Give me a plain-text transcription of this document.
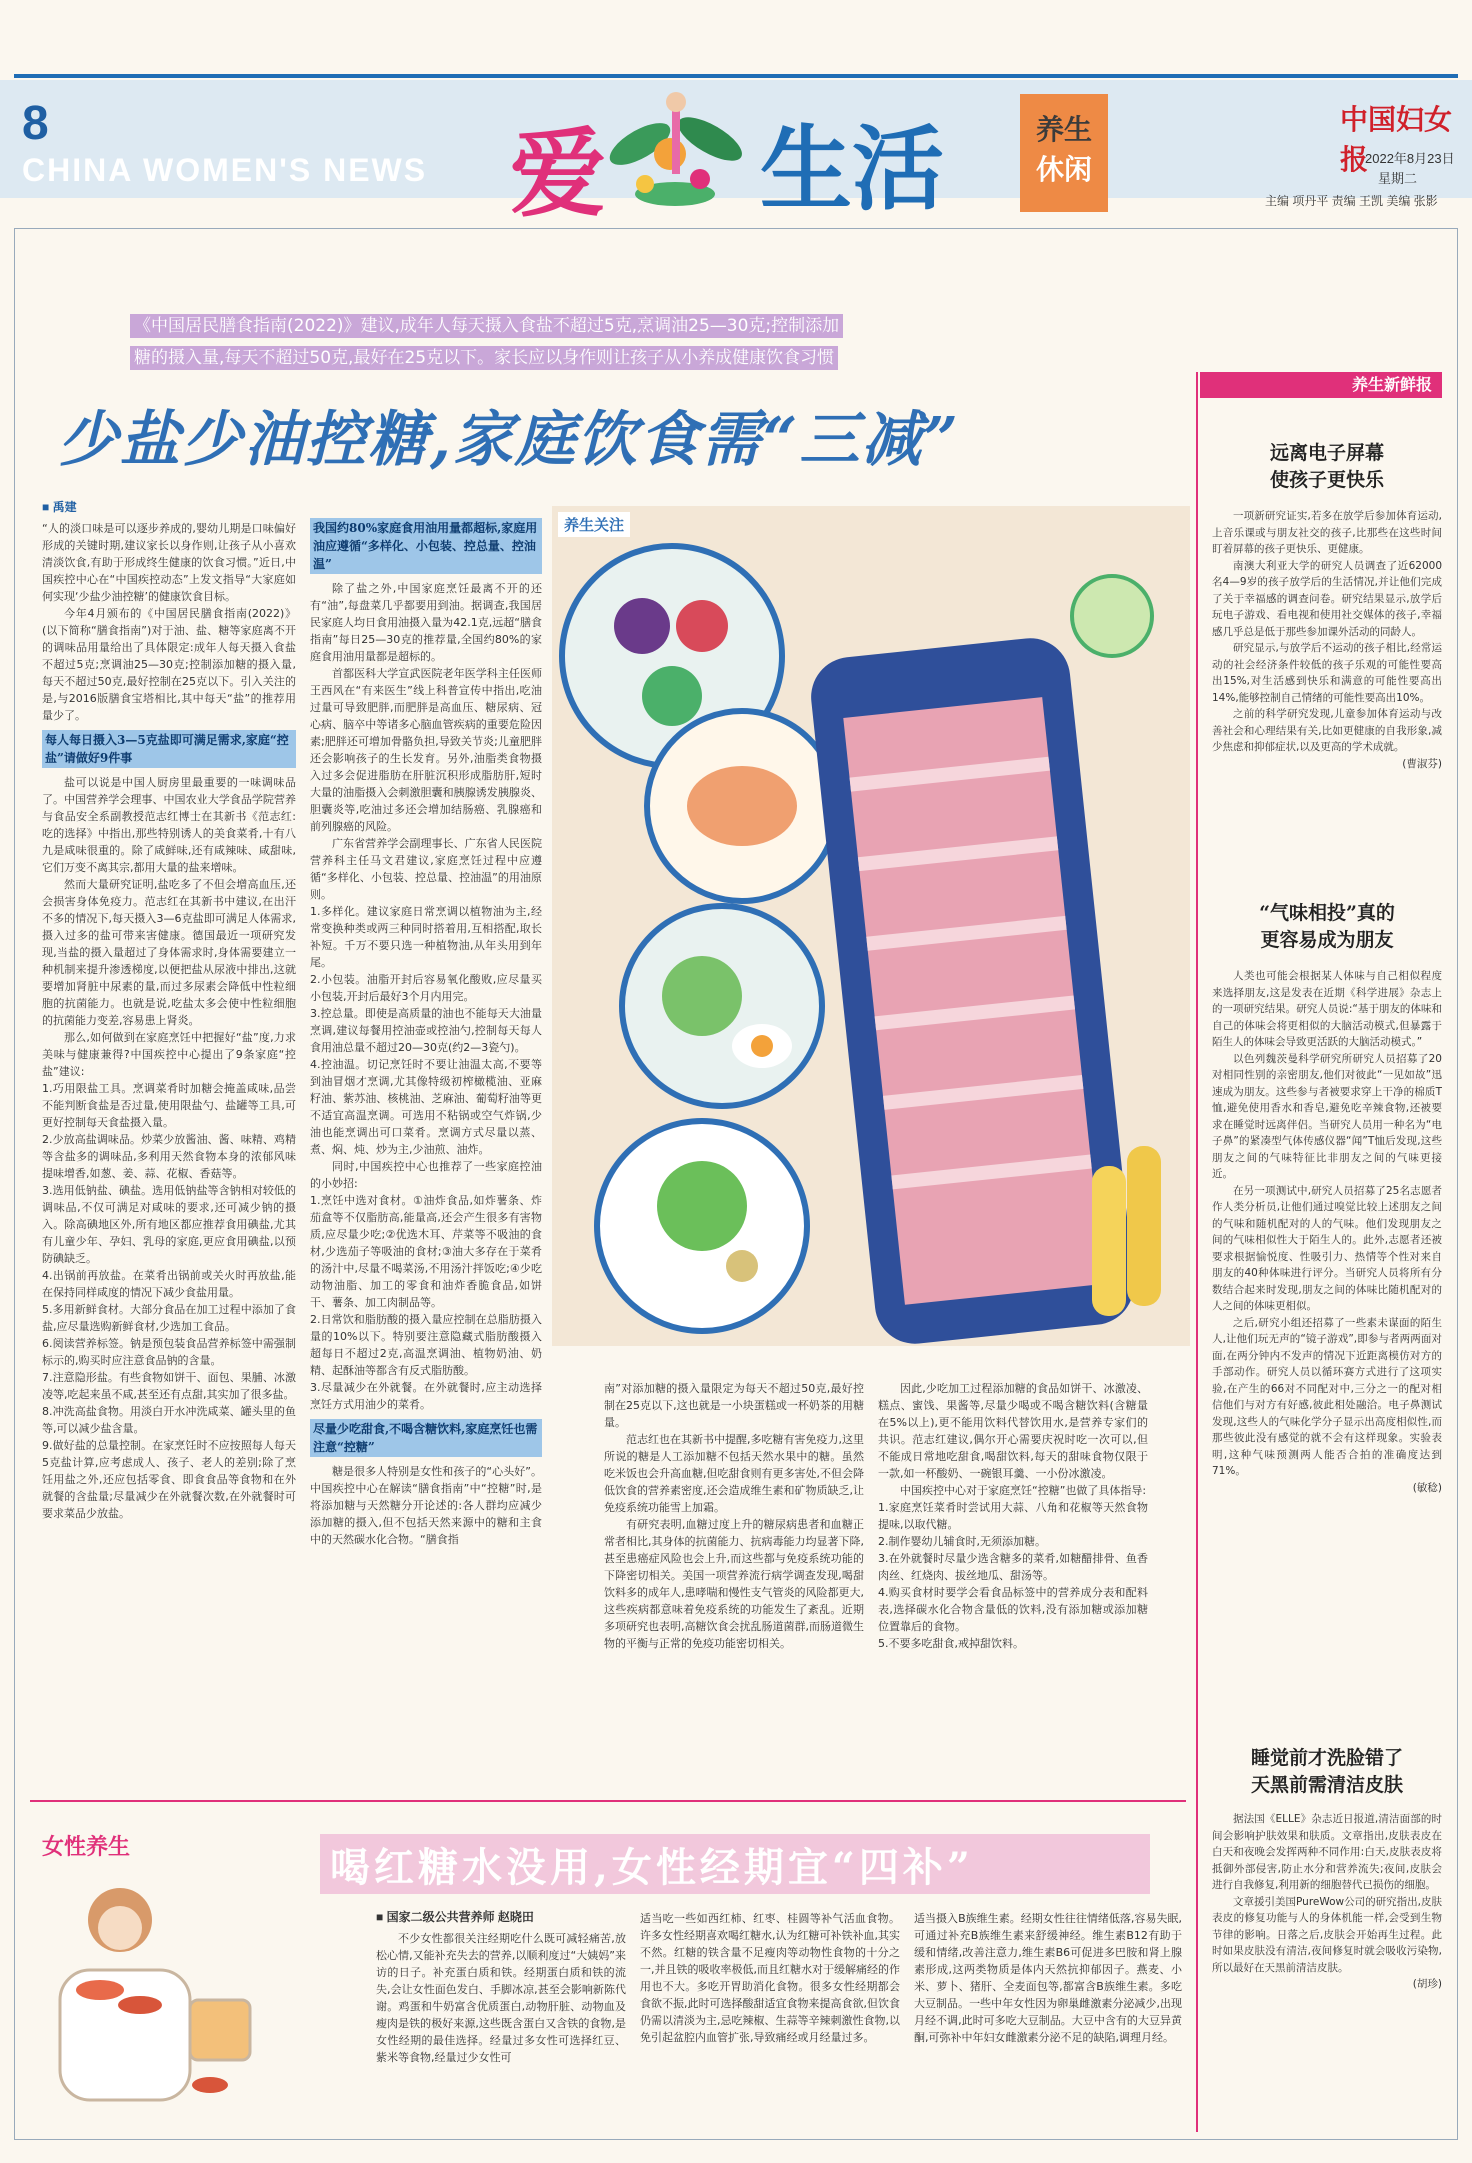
8
CHINA WOMEN'S NEWS 爱 生活	养生
休闲
中国妇女报
2022年8月23日
星期二
主编 项丹平 责编 王凯 美编 张影
《中国居民膳食指南(2022)》建议,成年人每天摄入食盐不超过5克,烹调油25—30克;控制添加
糖的摄入量,每天不超过50克,最好在25克以下。家长应以身作则让孩子从小养成健康饮食习惯
少盐少油控糖,家庭饮食需“三减”
■ 禹建

“人的淡口味是可以逐步养成的,婴幼儿期是口味偏好形成的关键时期,建议家长以身作则,让孩子从小喜欢清淡饮食,有助于形成终生健康的饮食习惯。”近日,中国疾控中心在“中国疾控动态”上发文指导“大家庭如何实现‘少盐少油控糖’的健康饮食目标。

今年4月颁布的《中国居民膳食指南(2022)》(以下简称“膳食指南”)对于油、盐、糖等家庭离不开的调味品用量给出了具体限定:成年人每天摄入食盐不超过5克;烹调油25—30克;控制添加糖的摄入量,每天不超过50克,最好控制在25克以下。引入关注的是,与2016版膳食宝塔相比,其中每天“盐”的推荐用量少了。

每人每日摄入3—5克盐即可满足需求,家庭“控盐”请做好9件事

盐可以说是中国人厨房里最重要的一味调味品了。中国营养学会理事、中国农业大学食品学院营养与食品安全系副教授范志红博士在其新书《范志红:吃的选择》中指出,那些特别诱人的美食菜肴,十有八九是咸味很重的。除了咸鲜味,还有咸辣味、咸甜味,它们万变不离其宗,都用大量的盐来增味。

然而大量研究证明,盐吃多了不但会增高血压,还会损害身体免疫力。范志红在其新书中建议,在出汗不多的情况下,每天摄入3—6克盐即可满足人体需求,摄入过多的盐可带来害健康。德国最近一项研究发现,当盐的摄入量超过了身体需求时,身体需要建立一种机制来提升渗透梯度,以便把盐从尿液中排出,这就要增加肾脏中尿素的量,而过多尿素会降低中性粒细胞的抗菌能力。也就是说,吃盐太多会使中性粒细胞的抗菌能力变差,容易患上肾炎。

那么,如何做到在家庭烹饪中把握好“盐”度,力求美味与健康兼得?中国疾控中心提出了9条家庭“控盐”建议:

1.巧用限盐工具。烹调菜肴时加糖会掩盖咸味,品尝不能判断食盐是否过量,使用限盐勺、盐罐等工具,可更好控制每天食盐摄入量。

2.少放高盐调味品。炒菜少放酱油、酱、味精、鸡精等含盐多的调味品,多利用天然食物本身的浓郁风味提味增香,如葱、姜、蒜、花椒、香菇等。

3.选用低钠盐、碘盐。选用低钠盐等含钠相对较低的调味品,不仅可满足对咸味的要求,还可减少钠的摄入。除高碘地区外,所有地区都应推荐食用碘盐,尤其有儿童少年、孕妇、乳母的家庭,更应食用碘盐,以预防碘缺乏。

4.出锅前再放盐。在菜肴出锅前或关火时再放盐,能在保持同样咸度的情况下减少食盐用量。

5.多用新鲜食材。大部分食品在加工过程中添加了食盐,应尽量选购新鲜食材,少选加工食品。

6.阅读营养标签。钠是预包装食品营养标签中需强制标示的,购买时应注意食品钠的含量。

7.注意隐形盐。有些食物如饼干、面包、果脯、冰激凌等,吃起来虽不咸,甚至还有点甜,其实加了很多盐。

8.冲洗高盐食物。用淡白开水冲洗咸菜、罐头里的鱼等,可以减少盐含量。

9.做好盐的总量控制。在家烹饪时不应按照每人每天5克盐计算,应考虑成人、孩子、老人的差别;除了烹饪用盐之外,还应包括零食、即食食品等食物和在外就餐的含盐量;尽量减少在外就餐次数,在外就餐时可要求菜品少放盐。

我国约80%家庭食用油用量都超标,家庭用油应遵循“多样化、小包装、控总量、控油温”

除了盐之外,中国家庭烹饪最离不开的还有“油”,每盘菜几乎都要用到油。据调查,我国居民家庭人均日食用油摄入量为42.1克,远超“膳食指南”每日25—30克的推荐量,全国约80%的家庭食用油用量都是超标的。

首都医科大学宣武医院老年医学科主任医师王西风在“有来医生”线上科普宣传中指出,吃油过量可导致肥胖,而肥胖是高血压、糖尿病、冠心病、脑卒中等诸多心脑血管疾病的重要危险因素;肥胖还可增加骨骼负担,导致关节炎;儿童肥胖还会影响孩子的生长发育。另外,油脂类食物摄入过多会促进脂肪在肝脏沉积形成脂肪肝,短时大量的油脂摄入会刺激胆囊和胰腺诱发胰腺炎、胆囊炎等,吃油过多还会增加结肠癌、乳腺癌和前列腺癌的风险。

广东省营养学会副理事长、广东省人民医院营养科主任马文君建议,家庭烹饪过程中应遵循“多样化、小包装、控总量、控油温”的用油原则。

1.多样化。建议家庭日常烹调以植物油为主,经常变换种类或两三种同时搭着用,互相搭配,取长补短。千万不要只选一种植物油,从年头用到年尾。

2.小包装。油脂开封后容易氧化酸败,应尽量买小包装,开封后最好3个月内用完。

3.控总量。即使是高质量的油也不能每天大油量烹调,建议每餐用控油壶或控油勺,控制每天每人食用油总量不超过20—30克(约2—3瓷勺)。

4.控油温。切记烹饪时不要让油温太高,不要等到油冒烟才烹调,尤其像特级初榨橄榄油、亚麻籽油、紫苏油、核桃油、芝麻油、葡萄籽油等更不适宜高温烹调。可选用不粘锅或空气炸锅,少油也能烹调出可口菜肴。烹调方式尽量以蒸、煮、焖、炖、炒为主,少油煎、油炸。

同时,中国疾控中心也推荐了一些家庭控油的小妙招:

1.烹饪中选对食材。①油炸食品,如炸薯条、炸茄盒等不仅脂肪高,能量高,还会产生很多有害物质,应尽量少吃;②优选木耳、芹菜等不吸油的食材,少选茄子等吸油的食材;③油大多存在于菜肴的汤汁中,尽量不喝菜汤,不用汤汁拌饭吃;④少吃动物油脂、加工的零食和油炸香脆食品,如饼干、薯条、加工肉制品等。

2.日常饮和脂肪酸的摄入量应控制在总脂肪摄入量的10%以下。特别要注意隐藏式脂肪酸摄入超每日不超过2克,高温烹调油、植物奶油、奶精、起酥油等都含有反式脂肪酸。

3.尽量减少在外就餐。在外就餐时,应主动选择烹饪方式用油少的菜肴。

尽量少吃甜食,不喝含糖饮料,家庭烹饪也需注意“控糖”

糖是很多人特别是女性和孩子的“心头好”。中国疾控中心在解读“膳食指南”中“控糖”时,是将添加糖与天然糖分开论述的:各人群均应减少添加糖的摄入,但不包括天然来源中的糖和主食中的天然碳水化合物。“膳食指

养生关注

南”对添加糖的摄入量限定为每天不超过50克,最好控制在25克以下,这也就是一小块蛋糕或一杯奶茶的用糖量。

范志红也在其新书中提醒,多吃糖有害免疫力,这里所说的糖是人工添加糖不包括天然水果中的糖。虽然吃米饭也会升高血糖,但吃甜食则有更多害处,不但会降低饮食的营养素密度,还会造成维生素和矿物质缺乏,让免疫系统功能雪上加霜。

有研究表明,血糖过度上升的糖尿病患者和血糖正常者相比,其身体的抗菌能力、抗病毒能力均显著下降,甚至患癌症风险也会上升,而这些都与免疫系统功能的下降密切相关。美国一项营养流行病学调查发现,喝甜饮料多的成年人,患哮喘和慢性支气管炎的风险都更大,这些疾病都意味着免疫系统的功能发生了紊乱。近期多项研究也表明,高糖饮食会扰乱肠道菌群,而肠道微生物的平衡与正常的免疫功能密切相关。

因此,少吃加工过程添加糖的食品如饼干、冰激凌、糕点、蜜饯、果酱等,尽量少喝或不喝含糖饮料(含糖量在5%以上),更不能用饮料代替饮用水,是营养专家们的共识。范志红建议,偶尔开心需要庆祝时吃一次可以,但不能成日常地吃甜食,喝甜饮料,每天的甜味食物仅限于一款,如一杯酸奶、一碗银耳羹、一小份冰激凌。

中国疾控中心对于家庭烹饪“控糖”也做了具体指导:

1.家庭烹饪菜肴时尝试用大蒜、八角和花椒等天然食物提味,以取代糖。

2.制作婴幼儿辅食时,无须添加糖。

3.在外就餐时尽量少选含糖多的菜肴,如糖醋排骨、鱼香肉丝、红烧肉、拔丝地瓜、甜汤等。

4.购买食材时要学会看食品标签中的营养成分表和配料表,选择碳水化合物含量低的饮料,没有添加糖或添加糖位置靠后的食物。

5.不要多吃甜食,戒掉甜饮料。

养生新鲜报

远离电子屏幕

使孩子更快乐

一项新研究证实,若多在放学后参加体育运动,上音乐课或与朋友社交的孩子,比那些在这些时间盯着屏幕的孩子更快乐、更健康。

南澳大利亚大学的研究人员调查了近62000名4—9岁的孩子放学后的生活情况,并让他们完成了关于幸福感的调查问卷。研究结果显示,放学后玩电子游戏、看电视和使用社交媒体的孩子,幸福感几乎总是低于那些参加课外活动的同龄人。

研究显示,与放学后不运动的孩子相比,经常运动的社会经济条件较低的孩子乐观的可能性要高出15%,对生活感到快乐和满意的可能性要高出14%,能够控制自己情绪的可能性要高出10%。

之前的科学研究发现,儿童参加体育运动与改善社会和心理结果有关,比如更健康的自我形象,减少焦虑和抑郁症状,以及更高的学术成就。

(曹淑芬)

“气味相投”真的

更容易成为朋友

人类也可能会根据某人体味与自己相似程度来选择朋友,这是发表在近期《科学进展》杂志上的一项研究结果。研究人员说:“基于朋友的体味和自己的体味会将更相似的大脑活动模式,但暴露于陌生人的体味会导致更活跃的大脑活动模式。”

以色列魏茨曼科学研究所研究人员招募了20对相同性别的亲密朋友,他们对彼此“一见如故”迅速成为朋友。这些参与者被要求穿上干净的棉质T恤,避免使用香水和香皂,避免吃辛辣食物,还被要求在睡觉时远离伴侣。当研究人员用一种名为“电子鼻”的紧凑型气体传感仪器“闻”T恤后发现,这些朋友之间的气味特征比非朋友之间的气味更接近。

在另一项测试中,研究人员招募了25名志愿者作人类分析员,让他们通过嗅觉比较上述朋友之间的气味和随机配对的人的气味。他们发现朋友之间的气味相似性大于陌生人的。此外,志愿者还被要求根据愉悦度、性吸引力、热情等个性对来自朋友的40种体味进行评分。当研究人员将所有分数结合起来时发现,朋友之间的体味比随机配对的人之间的体味更相似。

之后,研究小组还招募了一些素未谋面的陌生人,让他们玩无声的“镜子游戏”,即参与者两两面对面,在两分钟内不发声的情况下近距离模仿对方的手部动作。研究人员以循环赛方式进行了这项实验,在产生的66对不同配对中,三分之一的配对相信他们与对方有好感,彼此相处融洽。电子鼻测试发现,这些人的气味化学分子显示出高度相似性,而那些彼此没有感觉的就不会有这样现象。实验表明,这种气味预测两人能否合拍的准确度达到71%。

(敏稔)

睡觉前才洗脸错了

天黑前需清洁皮肤

据法国《ELLE》杂志近日报道,清洁面部的时间会影响护肤效果和肤质。文章指出,皮肤表皮在白天和夜晚会发挥两种不同作用:白天,皮肤表皮将抵御外部侵害,防止水分和营养流失;夜间,皮肤会进行自我修复,利用新的细胞替代已损伤的细胞。

文章援引美国PureWow公司的研究指出,皮肤表皮的修复功能与人的身体机能一样,会受到生物节律的影响。日落之后,皮肤会开始再生过程。此时如果皮肤没有清洁,夜间修复时就会吸收污染物,所以最好在天黑前清洁皮肤。

(胡珍)

女性养生	喝红糖水没用,女性经期宜“四补”
■ 国家二级公共营养师 赵晓田

不少女性都很关注经期吃什么既可减轻痛苦,放松心情,又能补充失去的营养,以顺利度过“大姨妈”来访的日子。补充蛋白质和铁。经期蛋白质和铁的流失,会让女性面色发白、手脚冰凉,甚至会影响新陈代谢。鸡蛋和牛奶富含优质蛋白,动物肝脏、动物血及瘦肉是铁的极好来源,这些既含蛋白又含铁的食物,是女性经期的最佳选择。经量过多女性可选择红豆、紫米等食物,经量过少女性可

适当吃一些如西红柿、红枣、桂圆等补气活血食物。许多女性经期喜欢喝红糖水,认为红糖可补铁补血,其实不然。红糖的铁含量不足瘦肉等动物性食物的十分之一,并且铁的吸收率极低,而且红糖水对于缓解痛经的作用也不大。多吃开胃助消化食物。很多女性经期都会食欲不振,此时可选择酸甜适宜食物来提高食欲,但饮食仍需以清淡为主,忌吃辣椒、生蒜等辛辣刺激性食物,以免引起盆腔内血管扩张,导致痛经或月经量过多。

适当摄入B族维生素。经期女性往往情绪低落,容易失眠,可通过补充B族维生素来舒缓神经。维生素B12有助于缓和情绪,改善注意力,维生素B6可促进多巴胺和肾上腺素形成,这两类物质是体内天然抗抑郁因子。燕麦、小米、萝卜、猪肝、全麦面包等,都富含B族维生素。多吃大豆制品。一些中年女性因为卵巢雌激素分泌减少,出现月经不调,此时可多吃大豆制品。大豆中含有的大豆异黄酮,可弥补中年妇女雌激素分泌不足的缺陷,调理月经。
